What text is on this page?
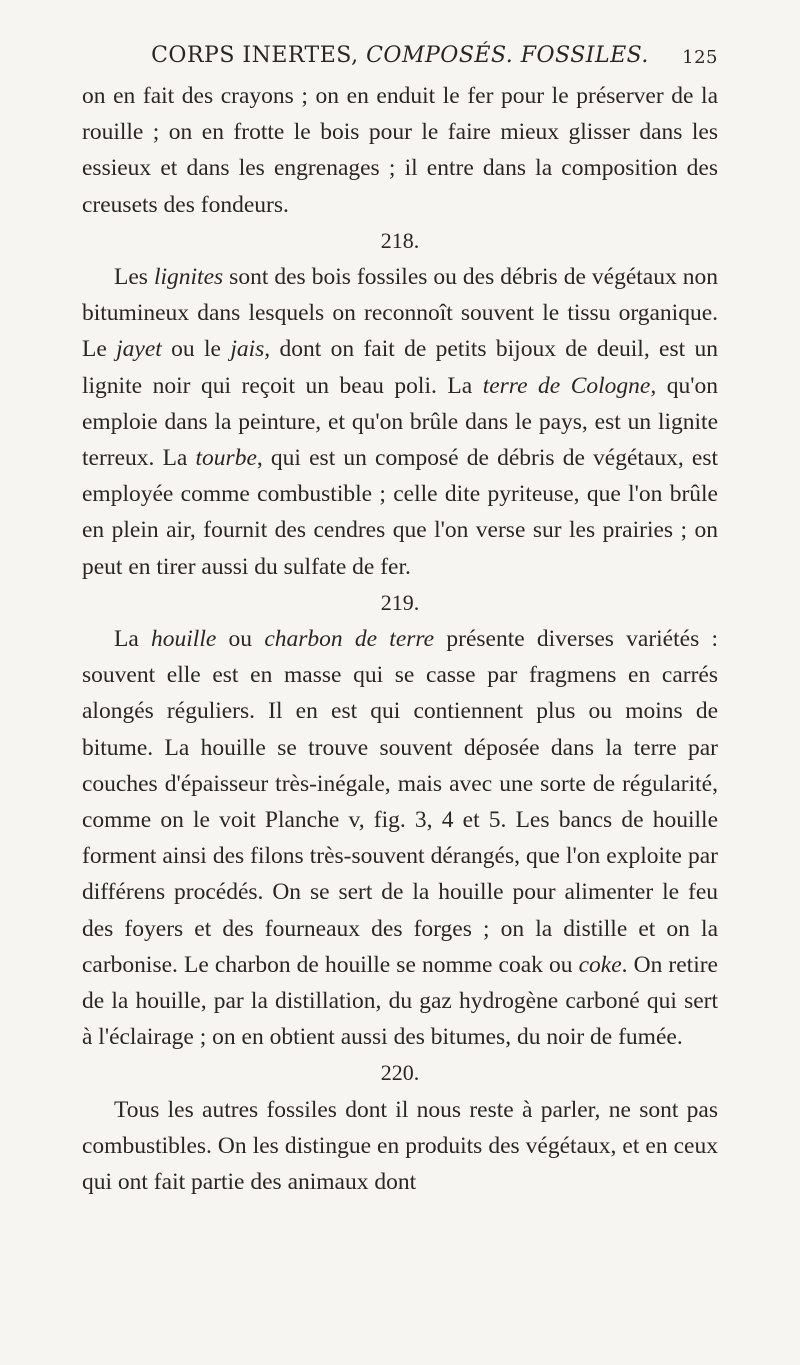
CORPS INERTES, COMPOSÉS. FOSSILES. 125

on en fait des crayons ; on en enduit le fer pour le préserver de la rouille ; on en frotte le bois pour le faire mieux glisser dans les essieux et dans les engrenages ; il entre dans la composition des creusets des fondeurs.

218.

Les lignites sont des bois fossiles ou des débris de végétaux non bitumineux dans lesquels on reconnoît souvent le tissu organique. Le jayet ou le jais, dont on fait de petits bijoux de deuil, est un lignite noir qui reçoit un beau poli. La terre de Cologne, qu'on emploie dans la peinture, et qu'on brûle dans le pays, est un lignite terreux. La tourbe, qui est un composé de débris de végétaux, est employée comme combustible ; celle dite pyriteuse, que l'on brûle en plein air, fournit des cendres que l'on verse sur les prairies ; on peut en tirer aussi du sulfate de fer.

219.

La houille ou charbon de terre présente diverses variétés : souvent elle est en masse qui se casse par fragmens en carrés alongés réguliers. Il en est qui contiennent plus ou moins de bitume. La houille se trouve souvent déposée dans la terre par couches d'épaisseur très-inégale, mais avec une sorte de régularité, comme on le voit Planche v, fig. 3, 4 et 5. Les bancs de houille forment ainsi des filons très-souvent dérangés, que l'on exploite par différens procédés. On se sert de la houille pour alimenter le feu des foyers et des fourneaux des forges ; on la distille et on la carbonise. Le charbon de houille se nomme coak ou coke. On retire de la houille, par la distillation, du gaz hydrogène carboné qui sert à l'éclairage ; on en obtient aussi des bitumes, du noir de fumée.

220.

Tous les autres fossiles dont il nous reste à parler, ne sont pas combustibles. On les distingue en produits des végétaux, et en ceux qui ont fait partie des animaux dont
